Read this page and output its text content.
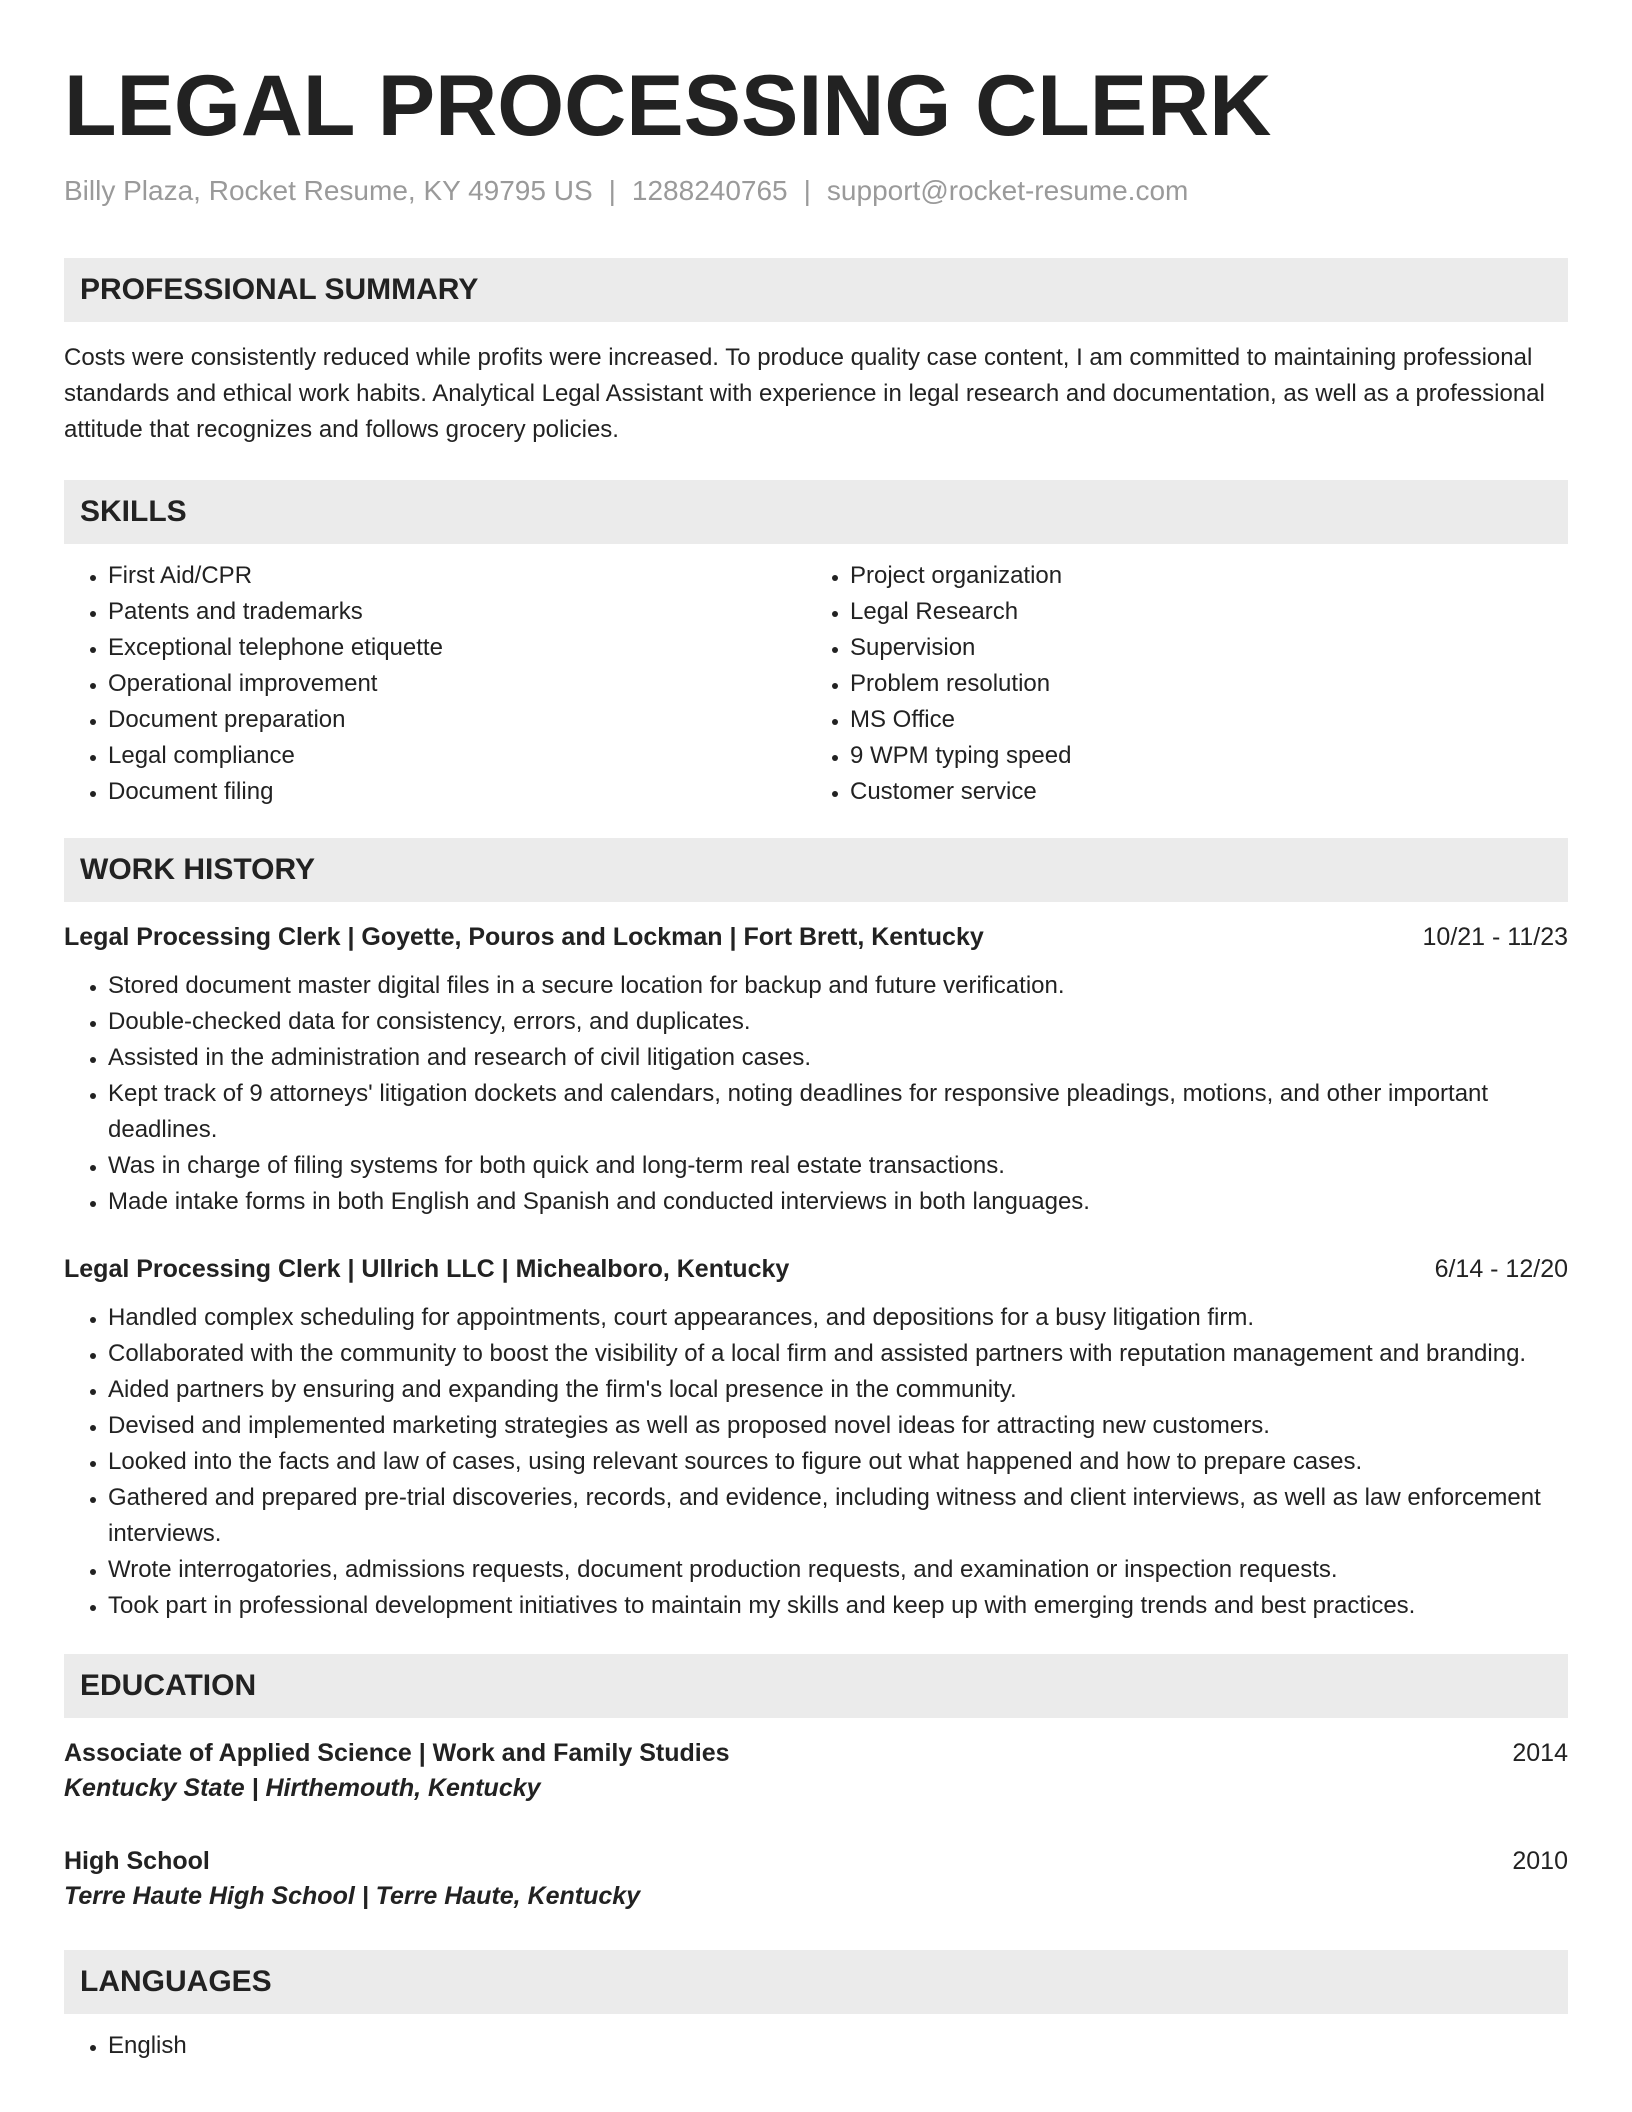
LEGAL PROCESSING CLERK
Billy Plaza, Rocket Resume, KY 49795 US | 1288240765 | support@rocket-resume.com
PROFESSIONAL SUMMARY
Costs were consistently reduced while profits were increased. To produce quality case content, I am committed to maintaining professional standards and ethical work habits. Analytical Legal Assistant with experience in legal research and documentation, as well as a professional attitude that recognizes and follows grocery policies.
SKILLS
• First Aid/CPR
• Patents and trademarks
• Exceptional telephone etiquette
• Operational improvement
• Document preparation
• Legal compliance
• Document filing
• Project organization
• Legal Research
• Supervision
• Problem resolution
• MS Office
• 9 WPM typing speed
• Customer service
WORK HISTORY
Legal Processing Clerk | Goyette, Pouros and Lockman | Fort Brett, Kentucky	10/21 - 11/23
• Stored document master digital files in a secure location for backup and future verification.
• Double-checked data for consistency, errors, and duplicates.
• Assisted in the administration and research of civil litigation cases.
• Kept track of 9 attorneys' litigation dockets and calendars, noting deadlines for responsive pleadings, motions, and other important deadlines.
• Was in charge of filing systems for both quick and long-term real estate transactions.
• Made intake forms in both English and Spanish and conducted interviews in both languages.
Legal Processing Clerk | Ullrich LLC | Michealboro, Kentucky	6/14 - 12/20
• Handled complex scheduling for appointments, court appearances, and depositions for a busy litigation firm.
• Collaborated with the community to boost the visibility of a local firm and assisted partners with reputation management and branding.
• Aided partners by ensuring and expanding the firm's local presence in the community.
• Devised and implemented marketing strategies as well as proposed novel ideas for attracting new customers.
• Looked into the facts and law of cases, using relevant sources to figure out what happened and how to prepare cases.
• Gathered and prepared pre-trial discoveries, records, and evidence, including witness and client interviews, as well as law enforcement interviews.
• Wrote interrogatories, admissions requests, document production requests, and examination or inspection requests.
• Took part in professional development initiatives to maintain my skills and keep up with emerging trends and best practices.
EDUCATION
Associate of Applied Science | Work and Family Studies	2014
Kentucky State | Hirthemouth, Kentucky
High School	2010
Terre Haute High School | Terre Haute, Kentucky
LANGUAGES
• English
